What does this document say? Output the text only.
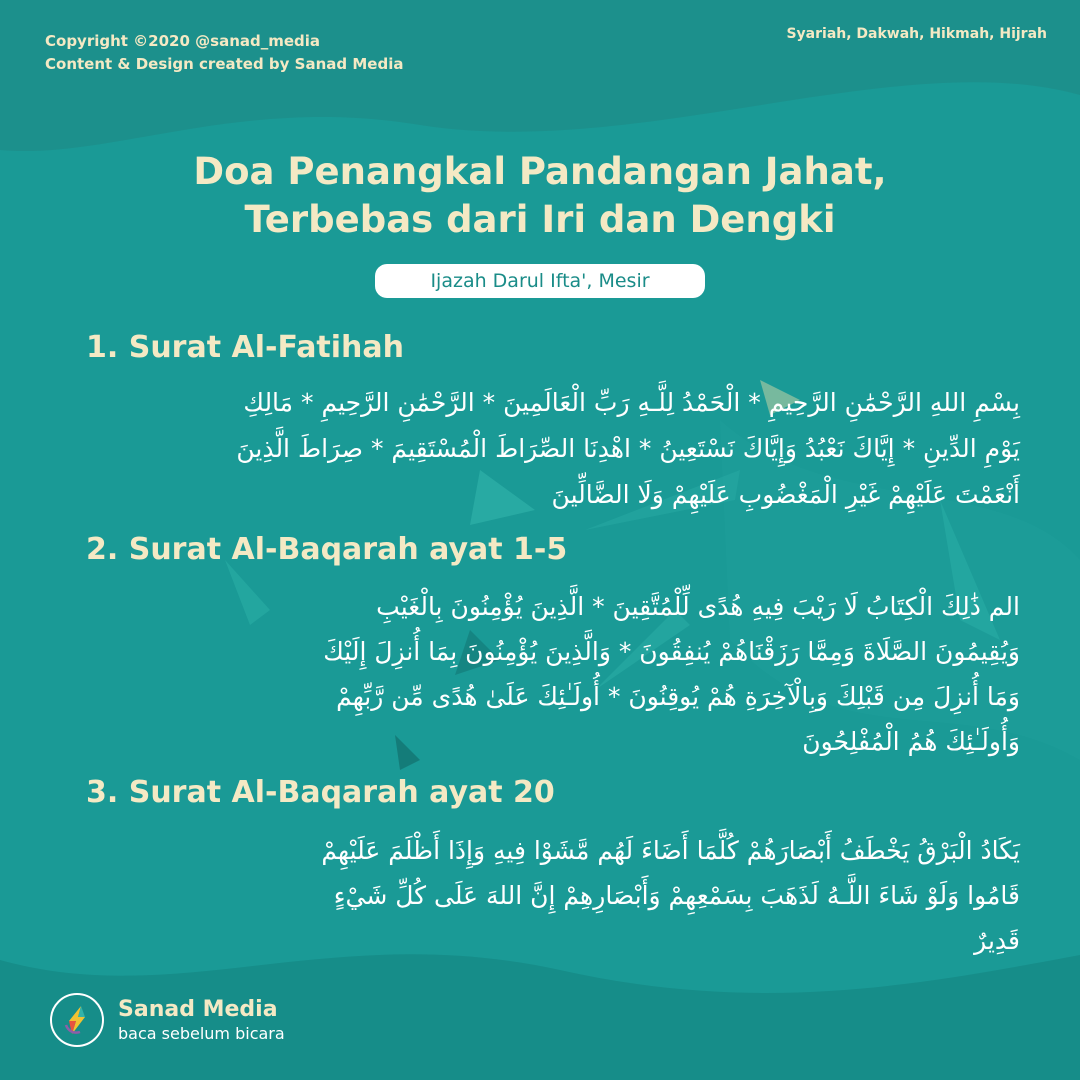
Copyright ©2020 @sanad_media
Content & Design created by Sanad Media
Syariah, Dakwah, Hikmah, Hijrah
Doa Penangkal Pandangan Jahat,
Terbebas dari Iri dan Dengki
Ijazah Darul Ifta', Mesir
1. Surat Al-Fatihah
بِسْمِ اللهِ الرَّحْمَٰنِ الرَّحِيمِ * الْحَمْدُ لِلَّـهِ رَبِّ الْعَالَمِينَ * الرَّحْمَٰنِ الرَّحِيمِ * مَالِكِ
يَوْمِ الدِّينِ * إِيَّاكَ نَعْبُدُ وَإِيَّاكَ نَسْتَعِينُ * اهْدِنَا الصِّرَاطَ الْمُسْتَقِيمَ * صِرَاطَ الَّذِينَ
أَنْعَمْتَ عَلَيْهِمْ غَيْرِ الْمَغْضُوبِ عَلَيْهِمْ وَلَا الضَّالِّينَ
2. Surat Al-Baqarah ayat 1-5
الم ذَٰلِكَ الْكِتَابُ لَا رَيْبَ فِيهِ هُدًى لِّلْمُتَّقِينَ * الَّذِينَ يُؤْمِنُونَ بِالْغَيْبِ
وَيُقِيمُونَ الصَّلَاةَ وَمِمَّا رَزَقْنَاهُمْ يُنفِقُونَ * وَالَّذِينَ يُؤْمِنُونَ بِمَا أُنزِلَ إِلَيْكَ
وَمَا أُنزِلَ مِن قَبْلِكَ وَبِالْآخِرَةِ هُمْ يُوقِنُونَ * أُولَـٰئِكَ عَلَىٰ هُدًى مِّن رَّبِّهِمْ
وَأُولَـٰئِكَ هُمُ الْمُفْلِحُونَ
3. Surat Al-Baqarah ayat 20
يَكَادُ الْبَرْقُ يَخْطَفُ أَبْصَارَهُمْ كُلَّمَا أَضَاءَ لَهُم مَّشَوْا فِيهِ وَإِذَا أَظْلَمَ عَلَيْهِمْ
قَامُوا وَلَوْ شَاءَ اللَّـهُ لَذَهَبَ بِسَمْعِهِمْ وَأَبْصَارِهِمْ إِنَّ اللهَ عَلَى كُلِّ شَيْءٍ
قَدِيرٌ
Sanad Media
baca sebelum bicara
